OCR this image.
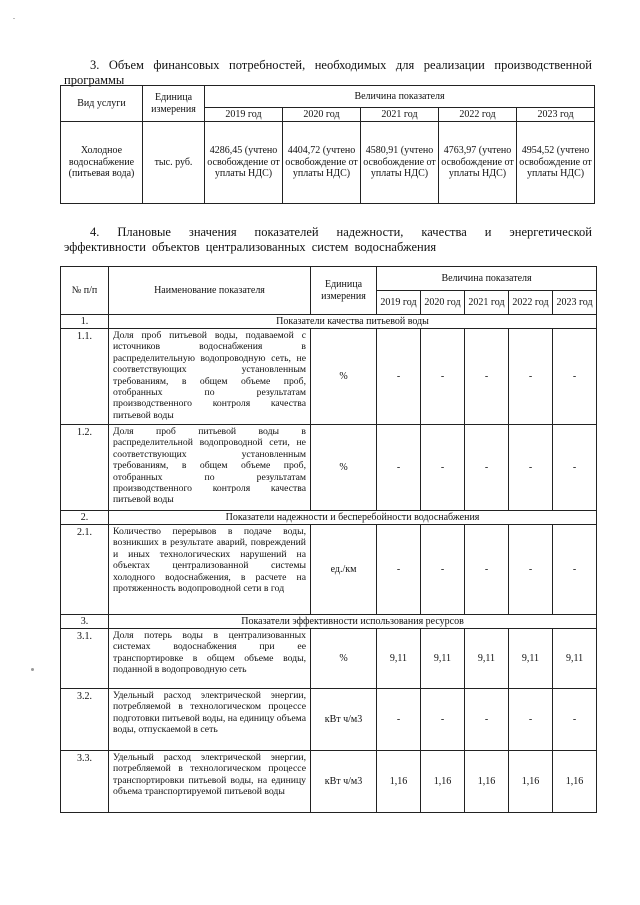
3. Объем финансовых потребностей, необходимых для реализации производственной программы
Вид услуги	Единица измерения	Величина показателя				
		2019 год	2020 год	2021 год	2022 год	2023 год
Холодное водоснабжение (питьевая вода)	тыс. руб.	4286,45 (учтено освобождение от уплаты НДС)	4404,72 (учтено освобождение от уплаты НДС)	4580,91 (учтено освобождение от уплаты НДС)	4763,97 (учтено освобождение от уплаты НДС)	4954,52 (учтено освобождение от уплаты НДС)
4. Плановые значения показателей надежности, качества и энергетической эффективности объектов централизованных систем водоснабжения
№ п/п	Наименование показателя	Единица измерения	Величина показателя				
			2019 год	2020 год	2021 год	2022 год	2023 год
1.	Показатели качества питьевой воды						
1.1.	Доля проб питьевой воды, подаваемой с источников водоснабжения в распределительную водопроводную сеть, не соответствующих установленным требованиям, в общем объеме проб, отобранных по результатам производственного контроля качества питьевой воды	%	-	-	-	-	-
1.2.	Доля проб питьевой воды в распределительной водопроводной сети, не соответствующих установленным требованиям, в общем объеме проб, отобранных по результатам производственного контроля качества питьевой воды	%	-	-	-	-	-
2.	Показатели надежности и бесперебойности водоснабжения						
2.1.	Количество перерывов в подаче воды, возникших в результате аварий, повреждений и иных технологических нарушений на объектах централизованной системы холодного водоснабжения, в расчете на протяженность водопроводной сети в год	ед./км	-	-	-	-	-
3.	Показатели эффективности использования ресурсов						
3.1.	Доля потерь воды в централизованных системах водоснабжения при ее транспортировке в общем объеме воды, поданной в водопроводную сеть	%	9,11	9,11	9,11	9,11	9,11
3.2.	Удельный расход электрической энергии, потребляемой в технологическом процессе подготовки питьевой воды, на единицу объема воды, отпускаемой в сеть	кВт ч/м3	-	-	-	-	-
3.3.	Удельный расход электрической энергии, потребляемой в технологическом процессе транспортировки питьевой воды, на единицу объема транспортируемой питьевой воды	кВт ч/м3	1,16	1,16	1,16	1,16	1,16
